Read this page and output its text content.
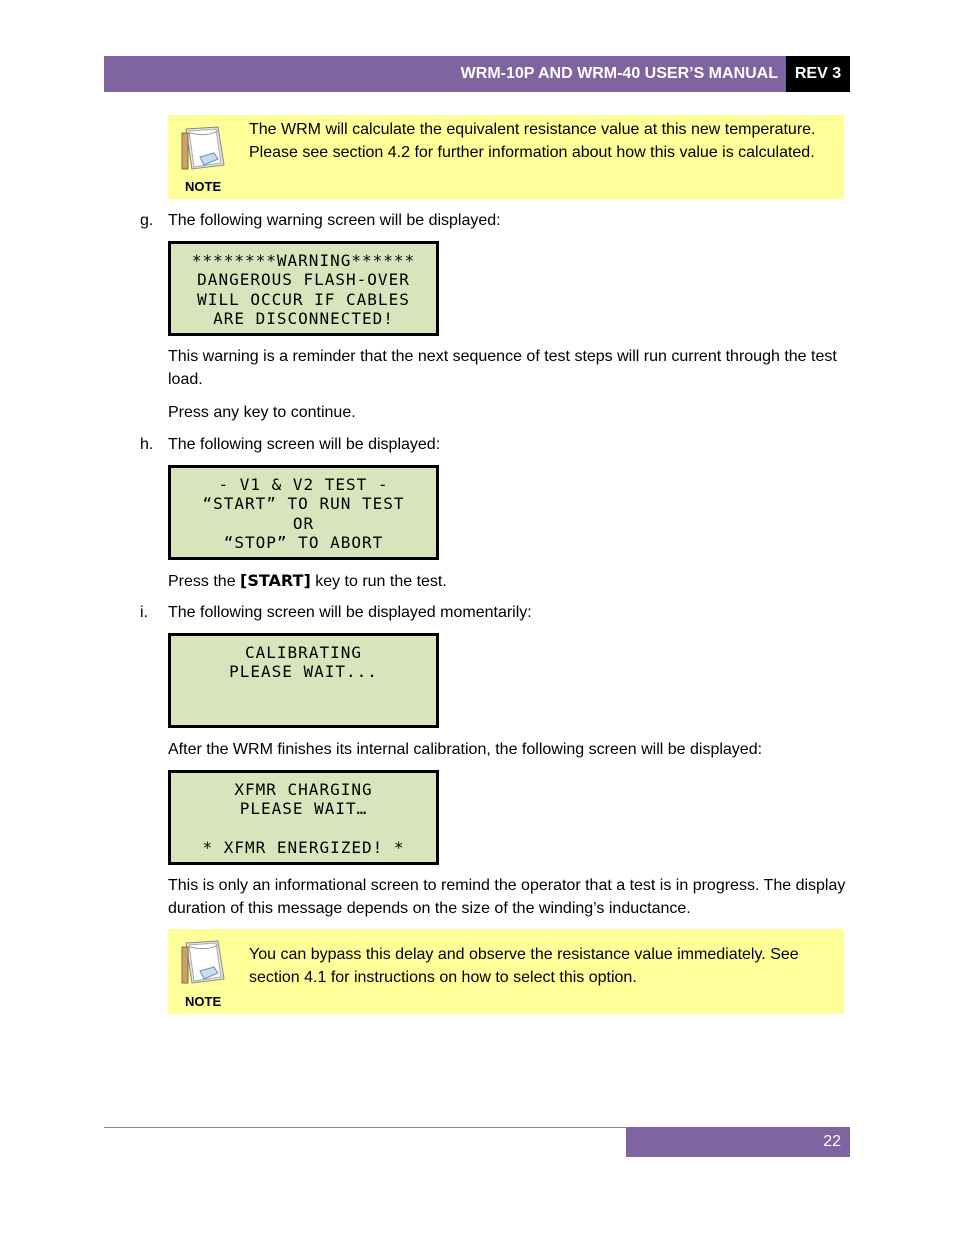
WRM-10P AND WRM-40 USER’S MANUAL	REV 3
NOTE
The WRM will calculate the equivalent resistance value at this new temperature. Please see section 4.2 for further information about how this value is calculated.
g. The following warning screen will be displayed:
********WARNING******
DANGEROUS FLASH-OVER
WILL OCCUR IF CABLES
ARE DISCONNECTED!
This warning is a reminder that the next sequence of test steps will run current through the test load.
Press any key to continue.
h. The following screen will be displayed:
- V1 & V2 TEST -
“START” TO RUN TEST
OR
“STOP” TO ABORT
Press the [START] key to run the test.
i. The following screen will be displayed momentarily:
CALIBRATING
PLEASE WAIT...
After the WRM finishes its internal calibration, the following screen will be displayed:
XFMR CHARGING
PLEASE WAIT…
* XFMR ENERGIZED! *
This is only an informational screen to remind the operator that a test is in progress. The display duration of this message depends on the size of the winding’s inductance.
NOTE
You can bypass this delay and observe the resistance value immediately. See section 4.1 for instructions on how to select this option.
22
